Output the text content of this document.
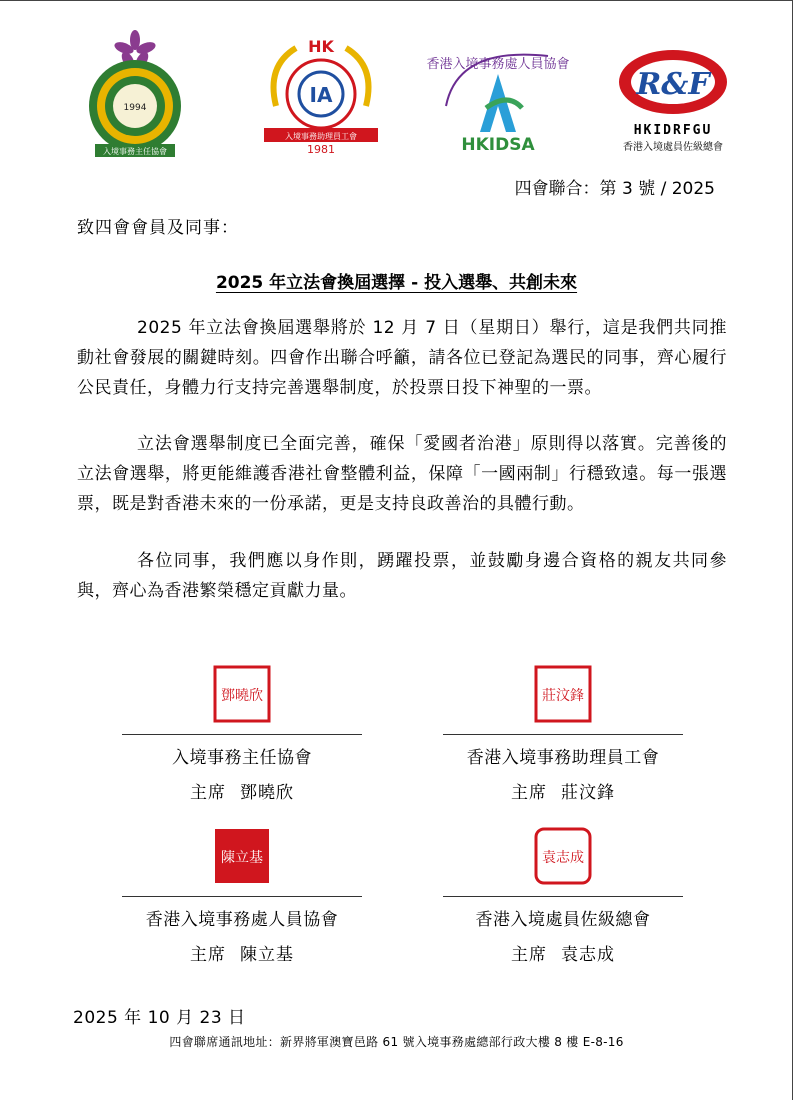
1994
入境事務主任協會
HK
IA
入境事務助理員工會
1981
香港入境事務處人員協會
HKIDSA
R&F
HKIDRFGU
香港入境處員佐級總會
四會聯合：第 3 號 / 2025
致四會會員及同事：
2025 年立法會換屆選擇 - 投入選舉、共創未來
2025 年立法會換屆選舉將於 12 月 7 日（星期日）舉行，這是我們共同推動社會發展的關鍵時刻。四會作出聯合呼籲，請各位已登記為選民的同事，齊心履行公民責任，身體力行支持完善選舉制度，於投票日投下神聖的一票。
立法會選舉制度已全面完善，確保「愛國者治港」原則得以落實。完善後的立法會選舉，將更能維護香港社會整體利益，保障「一國兩制」行穩致遠。每一張選票，既是對香港未來的一份承諾，更是支持良政善治的具體行動。
各位同事，我們應以身作則，踴躍投票，並鼓勵身邊合資格的親友共同參與，齊心為香港繁榮穩定貢獻力量。
鄧曉欣
入境事務主任協會
主席 鄧曉欣
莊汶鋒
香港入境事務助理員工會
主席 莊汶鋒
陳立基
香港入境事務處人員協會
主席 陳立基
袁志成
香港入境處員佐級總會
主席 袁志成
2025 年 10 月 23 日
四會聯席通訊地址：新界將軍澳寶邑路 61 號入境事務處總部行政大樓 8 樓 E-8-16
